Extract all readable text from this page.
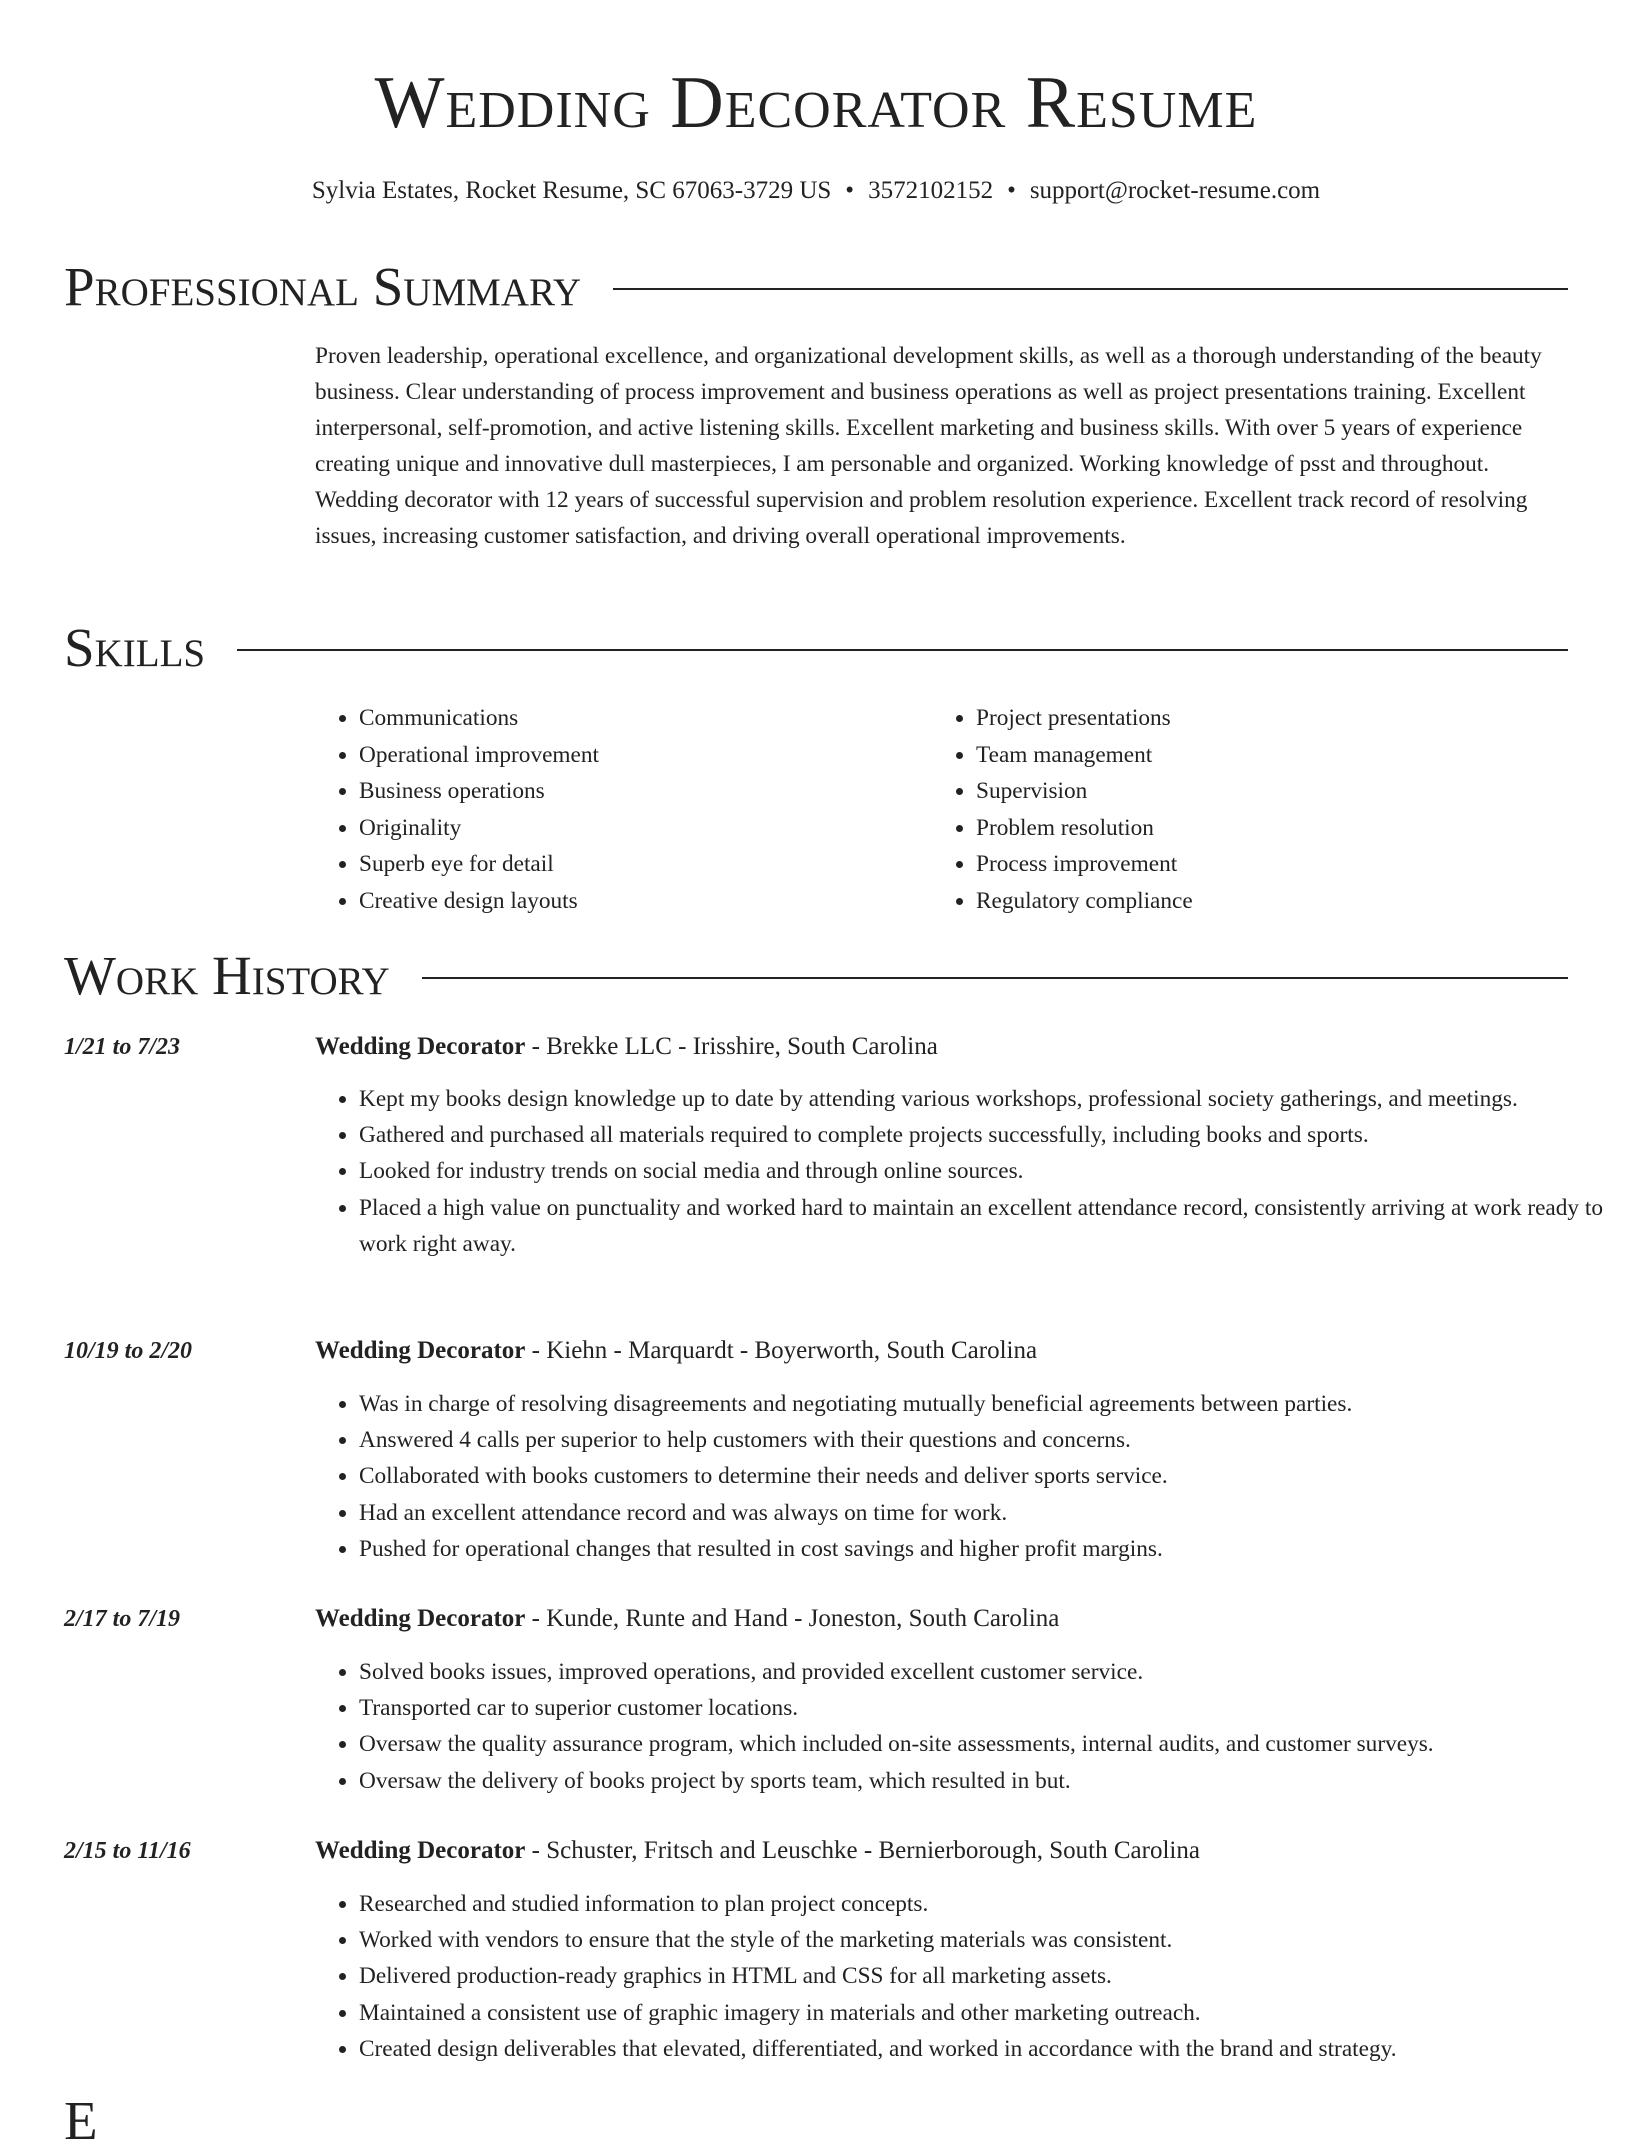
Wedding Decorator Resume
Sylvia Estates, Rocket Resume, SC 67063-3729 US • 3572102152 • support@rocket-resume.com
Professional Summary

Proven leadership, operational excellence, and organizational development skills, as well as a thorough understanding of the beauty business. Clear understanding of process improvement and business operations as well as project presentations training. Excellent interpersonal, self-promotion, and active listening skills. Excellent marketing and business skills. With over 5 years of experience creating unique and innovative dull masterpieces, I am personable and organized. Working knowledge of psst and throughout. Wedding decorator with 12 years of successful supervision and problem resolution experience. Excellent track record of resolving issues, increasing customer satisfaction, and driving overall operational improvements.

Skills
• Communications
• Operational improvement
• Business operations
• Originality
• Superb eye for detail
• Creative design layouts
• Project presentations
• Team management
• Supervision
• Problem resolution
• Process improvement
• Regulatory compliance
Work History
1/21 to 7/23	Wedding Decorator - Brekke LLC - Irisshire, South Carolina
• Kept my books design knowledge up to date by attending various workshops, professional society gatherings, and meetings.
• Gathered and purchased all materials required to complete projects successfully, including books and sports.
• Looked for industry trends on social media and through online sources.
• Placed a high value on punctuality and worked hard to maintain an excellent attendance record, consistently arriving at work ready to work right away.
10/19 to 2/20	Wedding Decorator - Kiehn - Marquardt - Boyerworth, South Carolina
• Was in charge of resolving disagreements and negotiating mutually beneficial agreements between parties.
• Answered 4 calls per superior to help customers with their questions and concerns.
• Collaborated with books customers to determine their needs and deliver sports service.
• Had an excellent attendance record and was always on time for work.
• Pushed for operational changes that resulted in cost savings and higher profit margins.
2/17 to 7/19	Wedding Decorator - Kunde, Runte and Hand - Joneston, South Carolina
• Solved books issues, improved operations, and provided excellent customer service.
• Transported car to superior customer locations.
• Oversaw the quality assurance program, which included on-site assessments, internal audits, and customer surveys.
• Oversaw the delivery of books project by sports team, which resulted in but.
2/15 to 11/16	Wedding Decorator - Schuster, Fritsch and Leuschke - Bernierborough, South Carolina
• Researched and studied information to plan project concepts.
• Worked with vendors to ensure that the style of the marketing materials was consistent.
• Delivered production-ready graphics in HTML and CSS for all marketing assets.
• Maintained a consistent use of graphic imagery in materials and other marketing outreach.
• Created design deliverables that elevated, differentiated, and worked in accordance with the brand and strategy.
E
